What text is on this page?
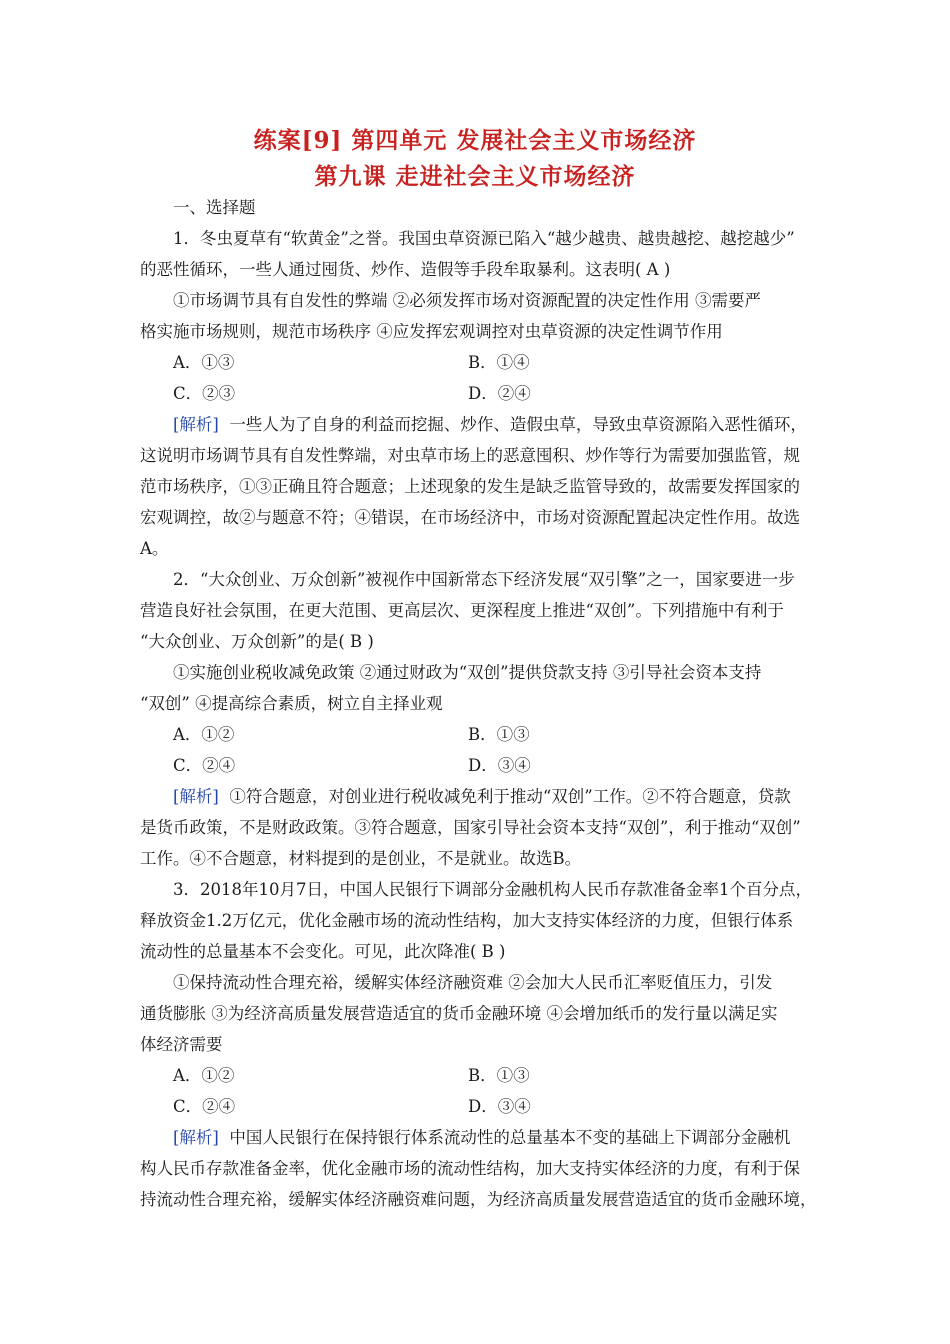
练案[9] 第四单元 发展社会主义市场经济
第九课 走进社会主义市场经济
一、选择题
1．冬虫夏草有“软黄金”之誉。我国虫草资源已陷入“越少越贵、越贵越挖、越挖越少”
的恶性循环，一些人通过囤货、炒作、造假等手段牟取暴利。这表明( A )
①市场调节具有自发性的弊端 ②必须发挥市场对资源配置的决定性作用 ③需要严
格实施市场规则，规范市场秩序 ④应发挥宏观调控对虫草资源的决定性调节作用
A．①③	B．①④
C．②③	D．②④
[解析] 一些人为了自身的利益而挖掘、炒作、造假虫草，导致虫草资源陷入恶性循环，
这说明市场调节具有自发性弊端，对虫草市场上的恶意囤积、炒作等行为需要加强监管，规
范市场秩序，①③正确且符合题意；上述现象的发生是缺乏监管导致的，故需要发挥国家的
宏观调控，故②与题意不符；④错误，在市场经济中，市场对资源配置起决定性作用。故选
A。
2．“大众创业、万众创新”被视作中国新常态下经济发展“双引擎”之一，国家要进一步
营造良好社会氛围，在更大范围、更高层次、更深程度上推进“双创”。下列措施中有利于
“大众创业、万众创新”的是( B )
①实施创业税收减免政策 ②通过财政为“双创”提供贷款支持 ③引导社会资本支持
“双创” ④提高综合素质，树立自主择业观
A．①②	B．①③
C．②④	D．③④
[解析] ①符合题意，对创业进行税收减免利于推动“双创”工作。②不符合题意，贷款
是货币政策，不是财政政策。③符合题意，国家引导社会资本支持“双创”，利于推动“双创”
工作。④不合题意，材料提到的是创业，不是就业。故选B。
3．2018年10月7日，中国人民银行下调部分金融机构人民币存款准备金率1个百分点，
释放资金1.2万亿元，优化金融市场的流动性结构，加大支持实体经济的力度，但银行体系
流动性的总量基本不会变化。可见，此次降准( B )
①保持流动性合理充裕，缓解实体经济融资难 ②会加大人民币汇率贬值压力，引发
通货膨胀 ③为经济高质量发展营造适宜的货币金融环境 ④会增加纸币的发行量以满足实
体经济需要
A．①②	B．①③
C．②④	D．③④
[解析] 中国人民银行在保持银行体系流动性的总量基本不变的基础上下调部分金融机
构人民币存款准备金率，优化金融市场的流动性结构，加大支持实体经济的力度，有利于保
持流动性合理充裕，缓解实体经济融资难问题，为经济高质量发展营造适宜的货币金融环境，
